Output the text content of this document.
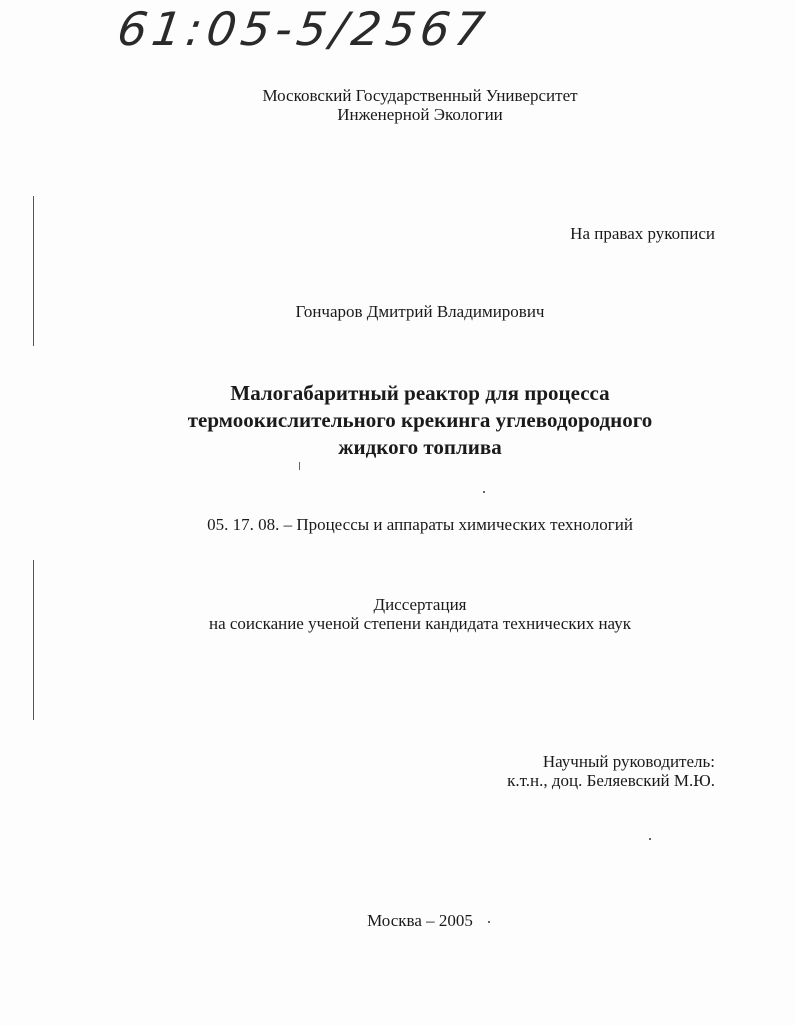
61:05-5/2567
Московский Государственный Университет
Инженерной Экологии
На правах рукописи
Гончаров Дмитрий Владимирович
Малогабаритный реактор для процесса
термоокислительного крекинга углеводородного
жидкого топлива
05. 17. 08. – Процессы и аппараты химических технологий
Диссертация
на соискание ученой степени кандидата технических наук
Научный руководитель:
к.т.н., доц. Беляевский М.Ю.
Москва – 2005
